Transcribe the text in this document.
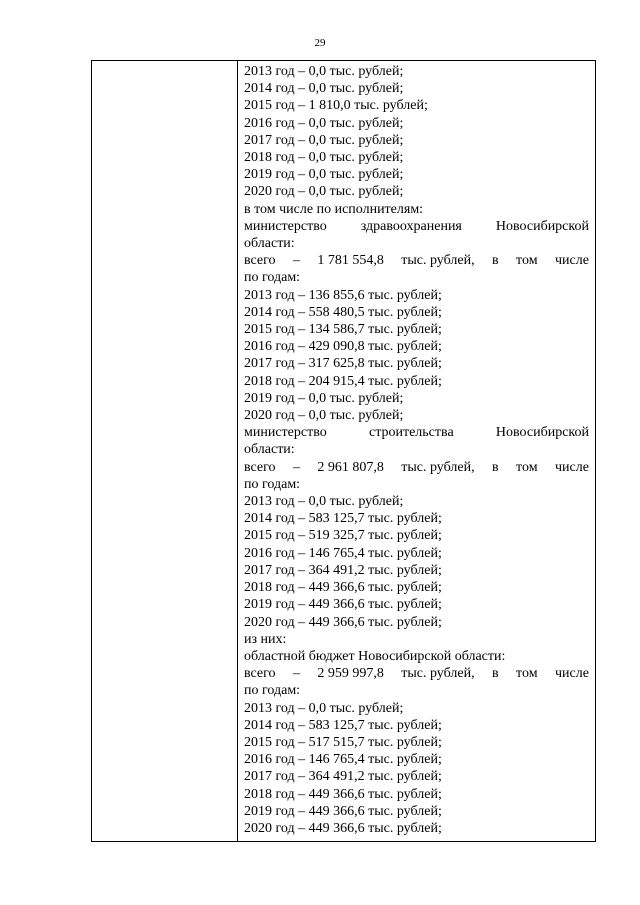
29
2013 год – 0,0 тыс. рублей;
2014 год – 0,0 тыс. рублей;
2015 год – 1 810,0 тыс. рублей;
2016 год – 0,0 тыс. рублей;
2017 год – 0,0 тыс. рублей;
2018 год – 0,0 тыс. рублей;
2019 год – 0,0 тыс. рублей;
2020 год – 0,0 тыс. рублей;
в том числе по исполнителям:
министерство здравоохранения Новосибирской
области:
всего – 1 781 554,8 тыс. рублей, в том числе
по годам:
2013 год – 136 855,6 тыс. рублей;
2014 год – 558 480,5 тыс. рублей;
2015 год – 134 586,7 тыс. рублей;
2016 год – 429 090,8 тыс. рублей;
2017 год – 317 625,8 тыс. рублей;
2018 год – 204 915,4 тыс. рублей;
2019 год – 0,0 тыс. рублей;
2020 год – 0,0 тыс. рублей;
министерство	строительства	Новосибирской
области:
всего – 2 961 807,8 тыс. рублей, в том числе
по годам:
2013 год – 0,0 тыс. рублей;
2014 год – 583 125,7 тыс. рублей;
2015 год – 519 325,7 тыс. рублей;
2016 год – 146 765,4 тыс. рублей;
2017 год – 364 491,2 тыс. рублей;
2018 год – 449 366,6 тыс. рублей;
2019 год – 449 366,6 тыс. рублей;
2020 год – 449 366,6 тыс. рублей;
из них:
областной бюджет Новосибирской области:
всего – 2 959 997,8 тыс. рублей, в том числе
по годам:
2013 год – 0,0 тыс. рублей;
2014 год – 583 125,7 тыс. рублей;
2015 год – 517 515,7 тыс. рублей;
2016 год – 146 765,4 тыс. рублей;
2017 год – 364 491,2 тыс. рублей;
2018 год – 449 366,6 тыс. рублей;
2019 год – 449 366,6 тыс. рублей;
2020 год – 449 366,6 тыс. рублей;
